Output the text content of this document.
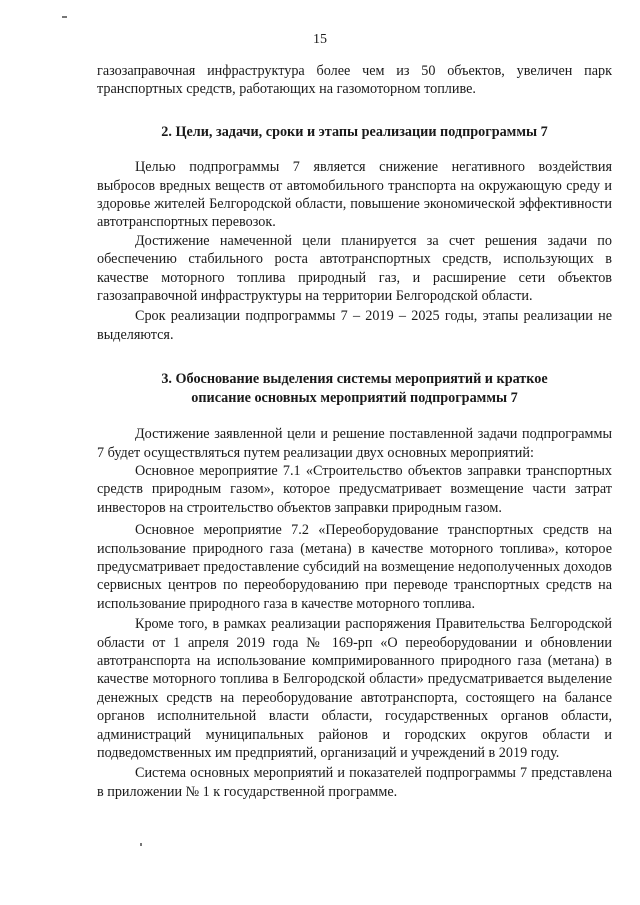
15

газозаправочная инфраструктура более чем из 50 объектов, увеличен парк транспортных средств, работающих на газомоторном топливе.

2. Цели, задачи, сроки и этапы реализации подпрограммы 7

Целью подпрограммы 7 является снижение негативного воздействия выбросов вредных веществ от автомобильного транспорта на окружающую среду и здоровье жителей Белгородской области, повышение экономической эффективности автотранспортных перевозок.

Достижение намеченной цели планируется за счет решения задачи по обеспечению стабильного роста автотранспортных средств, использующих в качестве моторного топлива природный газ, и расширение сети объектов газозаправочной инфраструктуры на территории Белгородской области.

Срок реализации подпрограммы 7 – 2019 – 2025 годы, этапы реализации не выделяются.

3. Обоснование выделения системы мероприятий и краткое
описание основных мероприятий подпрограммы 7

Достижение заявленной цели и решение поставленной задачи подпрограммы 7 будет осуществляться путем реализации двух основных мероприятий:

Основное мероприятие 7.1 «Строительство объектов заправки транспортных средств природным газом», которое предусматривает возмещение части затрат инвесторов на строительство объектов заправки природным газом.

Основное мероприятие 7.2 «Переоборудование транспортных средств на использование природного газа (метана) в качестве моторного топлива», которое предусматривает предоставление субсидий на возмещение недополученных доходов сервисных центров по переоборудованию при переводе транспортных средств на использование природного газа в качестве моторного топлива.

Кроме того, в рамках реализации распоряжения Правительства Белгородской области от 1 апреля 2019 года № 169-рп «О переоборудовании и обновлении автотранспорта на использование компримированного природного газа (метана) в качестве моторного топлива в Белгородской области» предусматривается выделение денежных средств на переоборудование автотранспорта, состоящего на балансе органов исполнительной власти области, государственных органов области, администраций муниципальных районов и городских округов области и подведомственных им предприятий, организаций и учреждений в 2019 году.

Система основных мероприятий и показателей подпрограммы 7 представлена в приложении № 1 к государственной программе.
